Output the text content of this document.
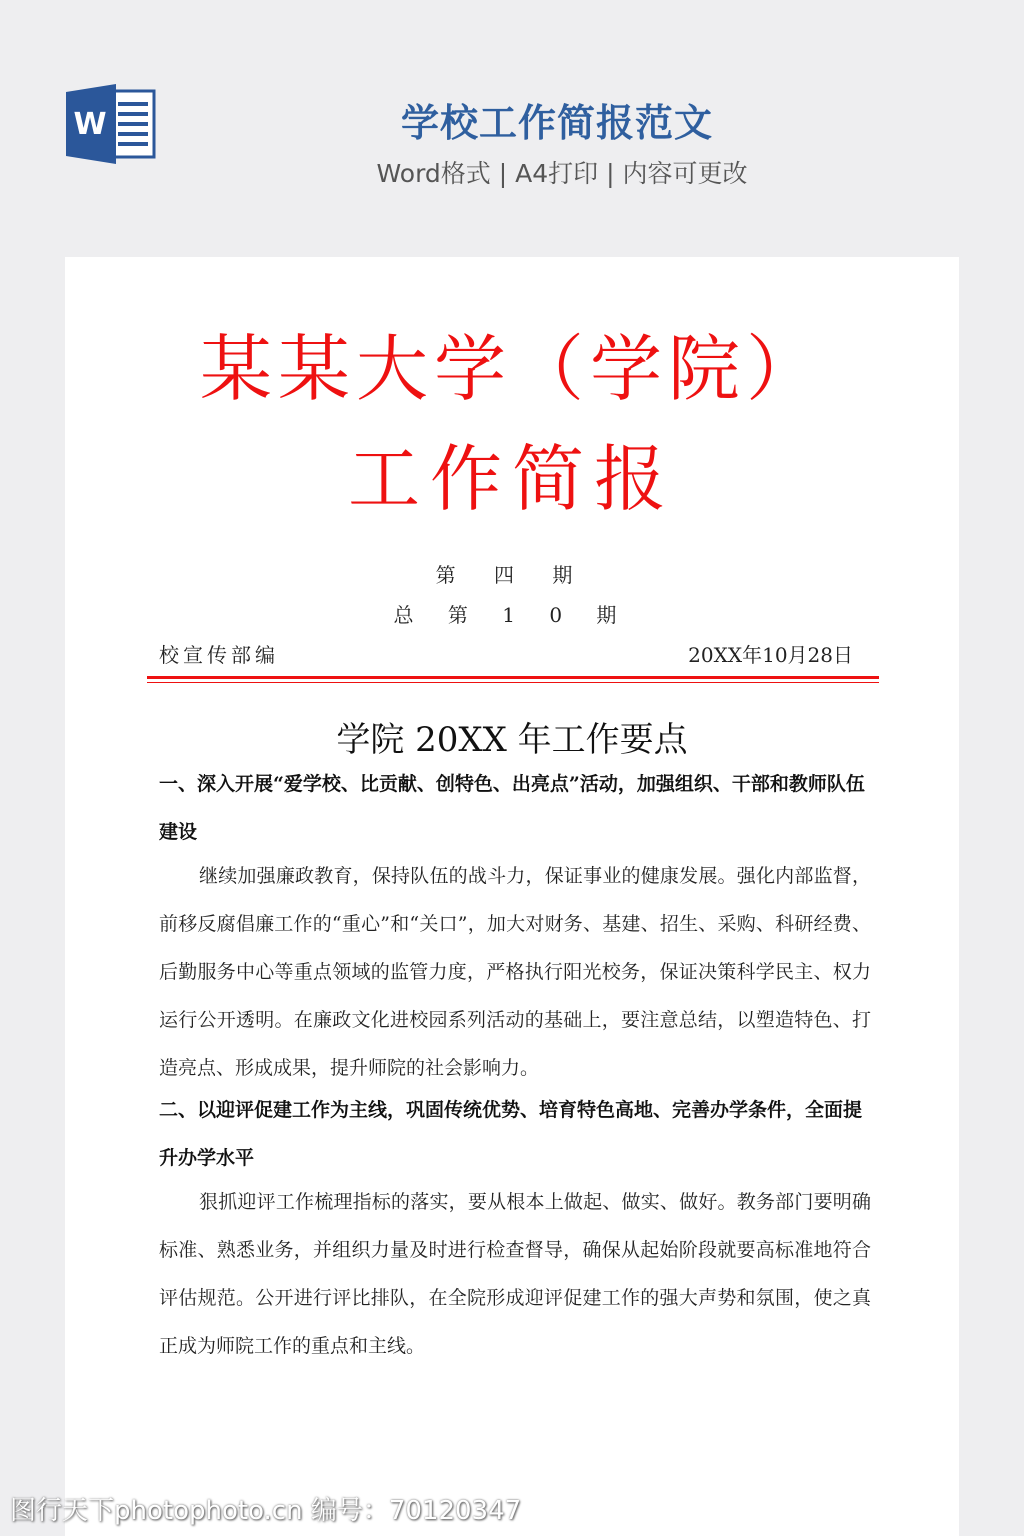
W	学校工作简报范文
Word格式 | A4打印 | 内容可更改
某某大学（学院）
工作简报
第 四 期
总 第 1 0 期
校宣传部编	20XX年10月28日
学院 20XX 年工作要点
一、深入开展“爱学校、比贡献、创特色、出亮点”活动，加强组织、干部和教师队伍建设
继续加强廉政教育，保持队伍的战斗力，保证事业的健康发展。强化内部监督，前移反腐倡廉工作的“重心”和“关口”，加大对财务、基建、招生、采购、科研经费、后勤服务中心等重点领域的监管力度，严格执行阳光校务，保证决策科学民主、权力运行公开透明。在廉政文化进校园系列活动的基础上，要注意总结，以塑造特色、打造亮点、形成成果，提升师院的社会影响力。
二、以迎评促建工作为主线，巩固传统优势、培育特色高地、完善办学条件，全面提升办学水平
狠抓迎评工作梳理指标的落实，要从根本上做起、做实、做好。教务部门要明确标准、熟悉业务，并组织力量及时进行检查督导，确保从起始阶段就要高标准地符合评估规范。公开进行评比排队，在全院形成迎评促建工作的强大声势和氛围，使之真正成为师院工作的重点和主线。
图行天下photophoto.cn 编号：70120347
